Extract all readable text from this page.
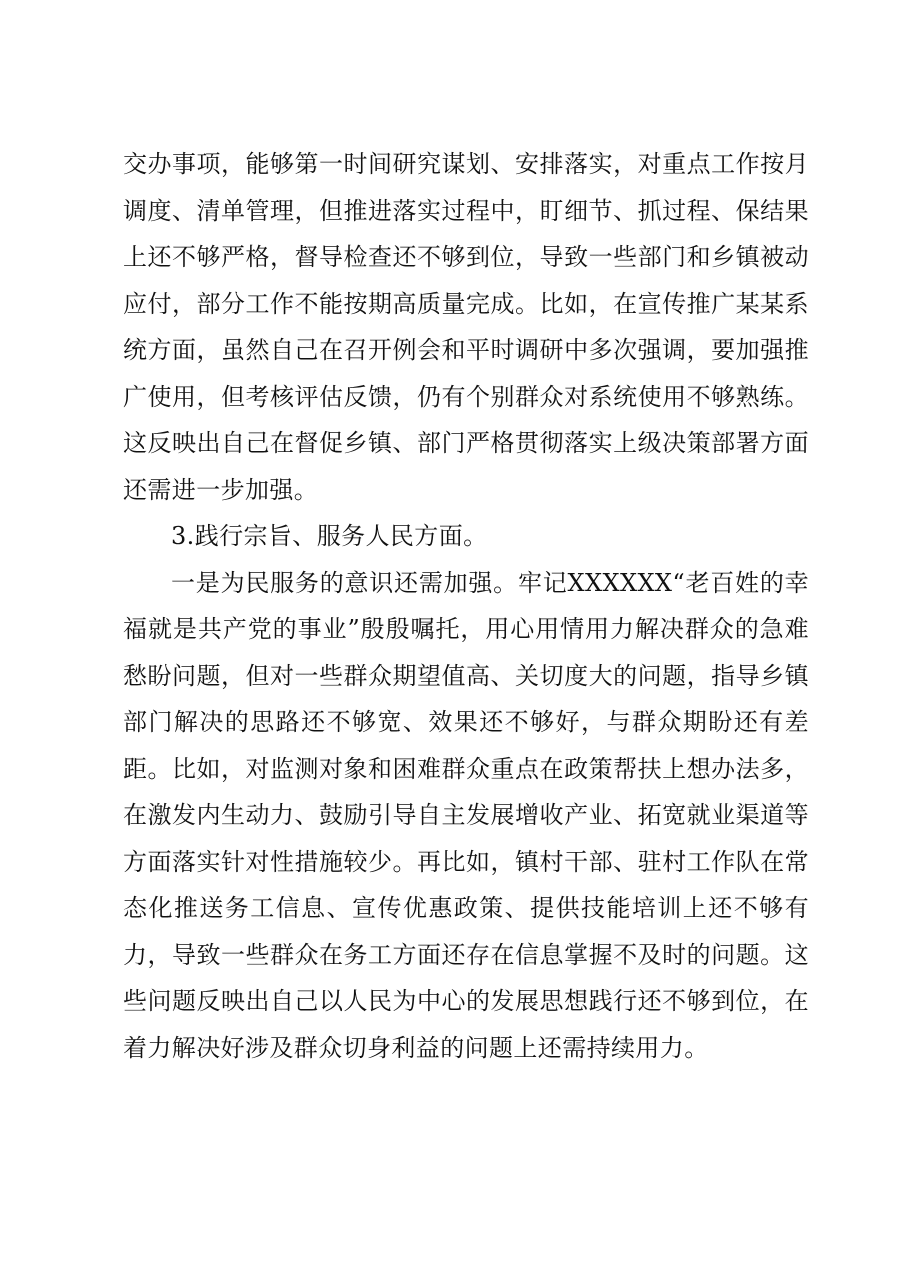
交办事项，能够第一时间研究谋划、安排落实，对重点工作按月调度、清单管理，但推进落实过程中，盯细节、抓过程、保结果上还不够严格，督导检查还不够到位，导致一些部门和乡镇被动应付，部分工作不能按期高质量完成。比如，在宣传推广某某系统方面，虽然自己在召开例会和平时调研中多次强调，要加强推广使用，但考核评估反馈，仍有个别群众对系统使用不够熟练。这反映出自己在督促乡镇、部门严格贯彻落实上级决策部署方面还需进一步加强。

3.践行宗旨、服务人民方面。

一是为民服务的意识还需加强。牢记XXXXXX“老百姓的幸福就是共产党的事业”殷殷嘱托，用心用情用力解决群众的急难愁盼问题，但对一些群众期望值高、关切度大的问题，指导乡镇部门解决的思路还不够宽、效果还不够好，与群众期盼还有差距。比如，对监测对象和困难群众重点在政策帮扶上想办法多，在激发内生动力、鼓励引导自主发展增收产业、拓宽就业渠道等方面落实针对性措施较少。再比如，镇村干部、驻村工作队在常态化推送务工信息、宣传优惠政策、提供技能培训上还不够有力，导致一些群众在务工方面还存在信息掌握不及时的问题。这些问题反映出自己以人民为中心的发展思想践行还不够到位，在着力解决好涉及群众切身利益的问题上还需持续用力。
